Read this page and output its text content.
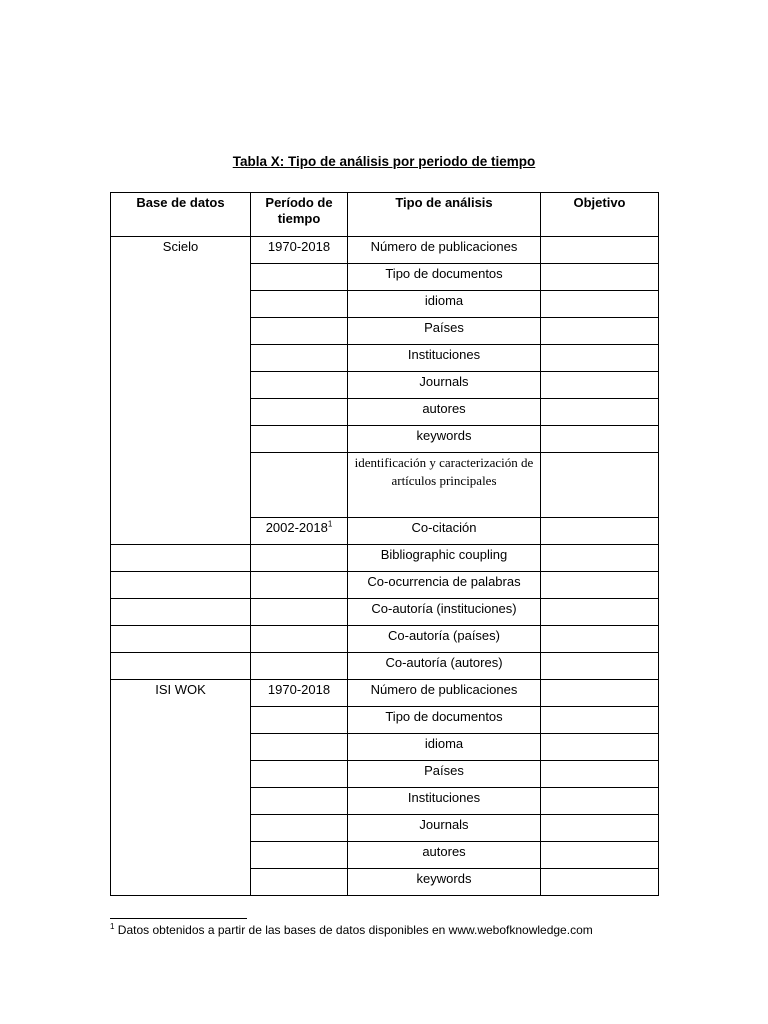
Tabla X: Tipo de análisis por periodo de tiempo
Base de datos	Período de tiempo	Tipo de análisis	Objetivo
Scielo	1970-2018	Número de publicaciones	
		Tipo de documentos	
		idioma	
		Países	
		Instituciones	
		Journals	
		autores	
		keywords	
		identificación y caracterización de artículos principales	
	2002-2018$^1$	Co-citación	
		Bibliographic coupling	
		Co-ocurrencia de palabras	
		Co-autoría (instituciones)	
		Co-autoría (países)	
		Co-autoría (autores)	
ISI WOK	1970-2018	Número de publicaciones	
		Tipo de documentos	
		idioma	
		Países	
		Instituciones	
		Journals	
		autores	
		keywords	
$^1$ Datos obtenidos a partir de las bases de datos disponibles en www.webofknowledge.com
